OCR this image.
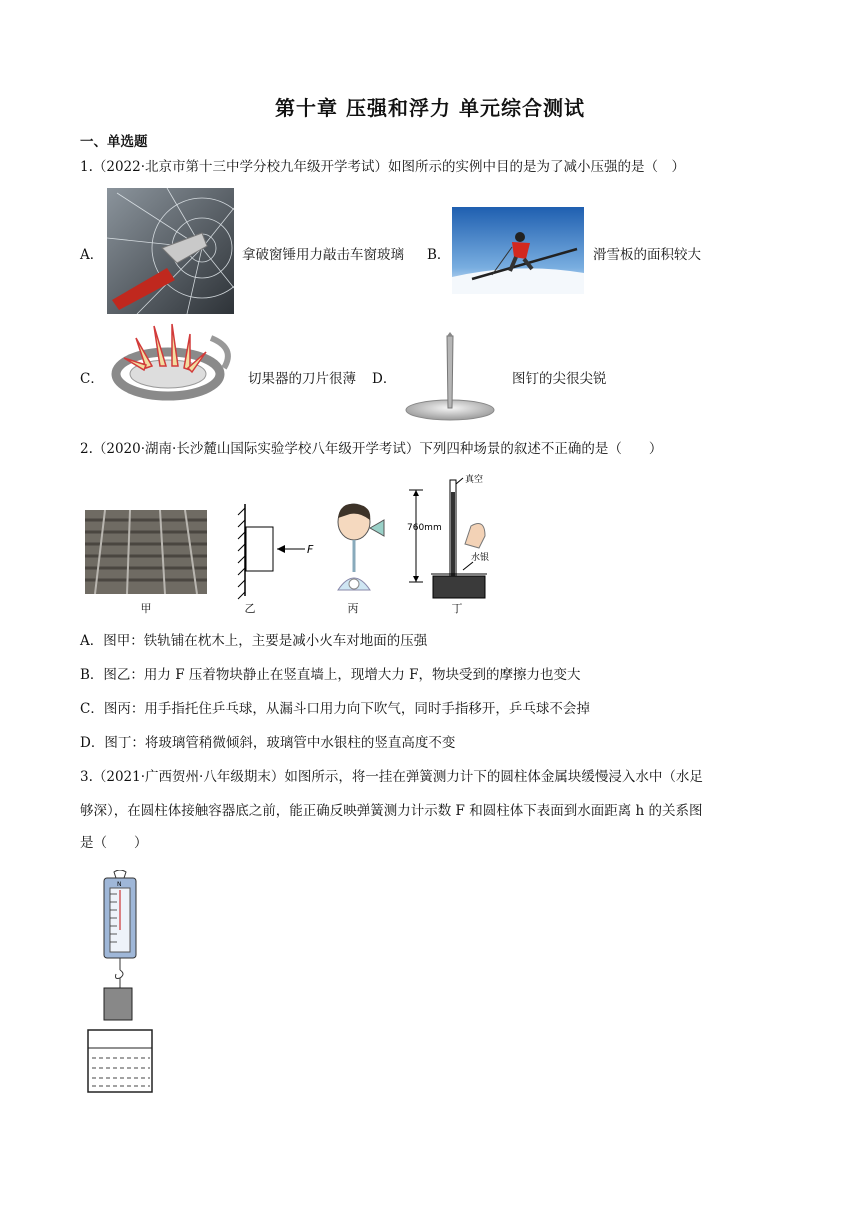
第十章 压强和浮力 单元综合测试
一、单选题
1.（2022·北京市第十三中学分校九年级开学考试）如图所示的实例中目的是为了减小压强的是（　）
A．	拿破窗锤用力敲击车窗玻璃 B．	滑雪板的面积较大
C．	切果器的刀片很薄 D．	图钉的尖很尖锐
2.（2020·湖南·长沙麓山国际实验学校八年级开学考试）下列四种场景的叙述不正确的是（　　）
甲
F
乙	丙
真空
760mm
水银
丁
A．图甲：铁轨铺在枕木上，主要是减小火车对地面的压强
B．图乙：用力 F 压着物块静止在竖直墙上，现增大力 F，物块受到的摩擦力也变大
C．图丙：用手指托住乒乓球，从漏斗口用力向下吹气，同时手指移开，乒乓球不会掉
D．图丁：将玻璃管稍微倾斜，玻璃管中水银柱的竖直高度不变
3.（2021·广西贺州·八年级期末）如图所示，将一挂在弹簧测力计下的圆柱体金属块缓慢浸入水中（水足
够深），在圆柱体接触容器底之前，能正确反映弹簧测力计示数 F 和圆柱体下表面到水面距离 h 的关系图
是（　　）
N
